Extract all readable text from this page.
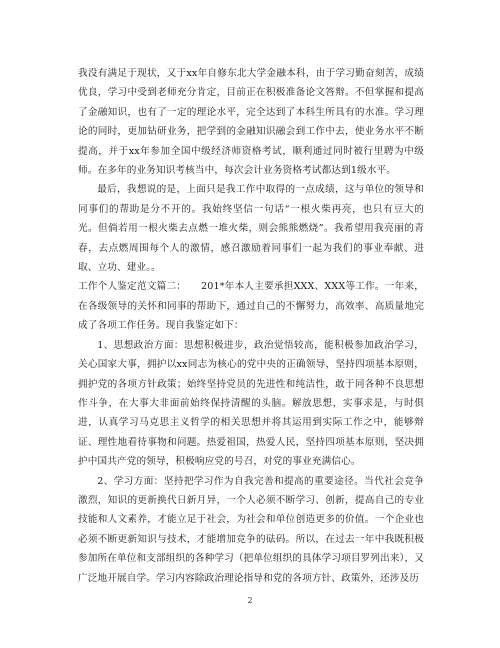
我没有满足于现状，又于xx年自修东北大学金融本科，由于学习勤奋刻苦，成绩优良，学习中受到老师充分肯定，目前正在积极准备论文答辩。不但掌握和提高了金融知识，也有了一定的理论水平，完全达到了本科生所具有的水准。学习理论的同时，更加钻研业务，把学到的金融知识融会到工作中去，使业务水平不断提高，并于xx年参加全国中级经济师资格考试，顺利通过同时被行里聘为中级师。在多年的业务知识考核当中，每次会计业务资格考试都达到1级水平。

最后，我想说的是，上面只是我工作中取得的一点成绩，这与单位的领导和同事们的帮助是分不开的。我始终坚信一句话“一根火柴再亮，也只有豆大的光。但倘若用一根火柴去点燃一堆火柴，则会熊熊燃烧”。我希望用我亮丽的青春，去点燃周围每个人的激情，感召激励着同事们一起为我们的事业奉献、进取、立功、建业。。

工作个人鉴定范文篇二：　　201*年本人主要承担XXX、XXX等工作。一年来，在各级领导的关怀和同事的帮助下，通过自己的不懈努力，高效率、高质量地完成了各项工作任务。现自我鉴定如下：

1、思想政治方面：思想积极进步，政治觉悟较高，能积极参加政治学习，关心国家大事，拥护以xx同志为核心的党中央的正确领导，坚持四项基本原则，拥护党的各项方针政策；始终坚持党员的先进性和纯洁性，敢于同各种不良思想作斗争，在大事大非面前始终保持清醒的头脑。解放思想，实事求是，与时俱进，认真学习马克思主义哲学的相关思想并将其运用到实际工作之中，能够辩证、理性地看待事物和问题。热爱祖国，热爱人民，坚持四项基本原则，坚决拥护中国共产党的领导，积极响应党的号召，对党的事业充满信心。

2、学习方面：坚持把学习作为自我完善和提高的重要途径。当代社会竞争激烈，知识的更新换代日新月异，一个人必须不断学习、创新，提高自己的专业技能和人文素养，才能立足于社会，为社会和单位创造更多的价值。一个企业也必须不断更新知识与技术，才能增加竞争的砝码。所以，在过去一年中我既积极参加所在单位和支部组织的各种学习（把单位组织的具体学习项目罗列出来），又广泛地开展自学。学习内容除政治理论指导和党的各项方针、政策外，还涉及历

2
